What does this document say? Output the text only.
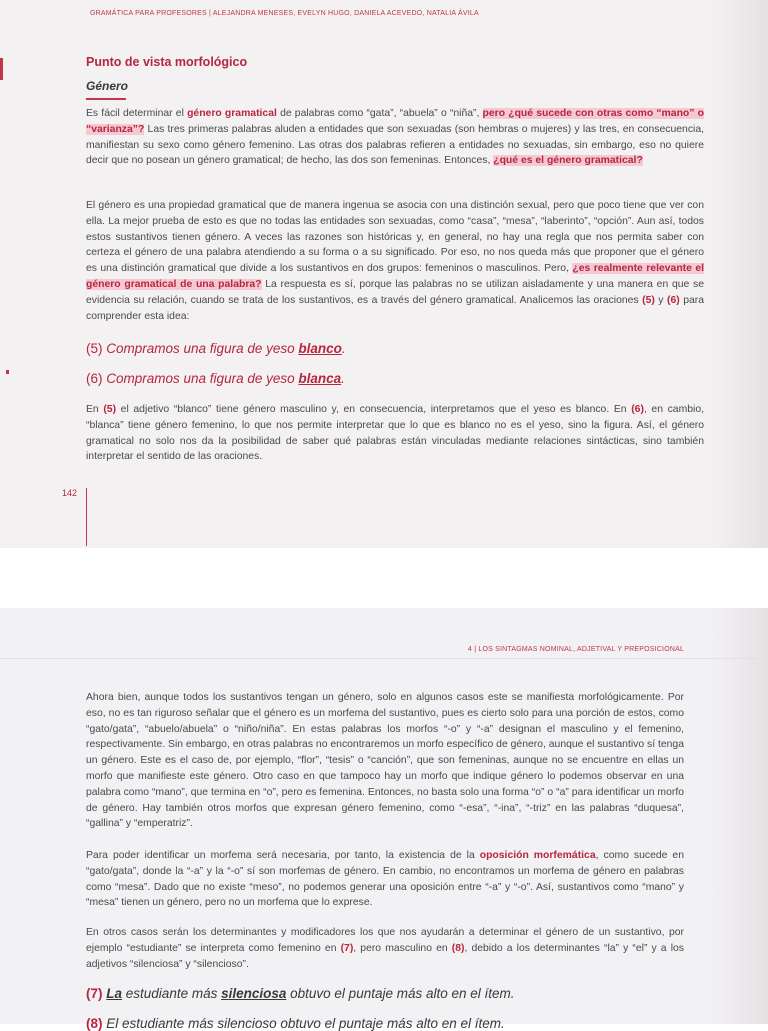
GRAMÁTICA PARA PROFESORES | ALEJANDRA MENESES, EVELYN HUGO, DANIELA ACEVEDO, NATALIA ÁVILA
Punto de vista morfológico
Género
Es fácil determinar el género gramatical de palabras como “gata”, “abuela” o “niña”, pero ¿qué sucede con otras como “mano” o “varianza”? Las tres primeras palabras aluden a entidades que son sexuadas (son hembras o mujeres) y las tres, en consecuencia, manifiestan su sexo como género femenino. Las otras dos palabras refieren a entidades no sexuadas, sin embargo, eso no quiere decir que no posean un género gramatical; de hecho, las dos son femeninas. Entonces, ¿qué es el género gramatical?
El género es una propiedad gramatical que de manera ingenua se asocia con una distinción sexual, pero que poco tiene que ver con ella. La mejor prueba de esto es que no todas las entidades son sexuadas, como “casa”, “mesa”, “laberinto”, “opción”. Aun así, todos estos sustantivos tienen género. A veces las razones son históricas y, en general, no hay una regla que nos permita saber con certeza el género de una palabra atendiendo a su forma o a su significado. Por eso, no nos queda más que proponer que el género es una distinción gramatical que divide a los sustantivos en dos grupos: femeninos o masculinos. Pero, ¿es realmente relevante el género gramatical de una palabra? La respuesta es sí, porque las palabras no se utilizan aisladamente y una manera en que se evidencia su relación, cuando se trata de los sustantivos, es a través del género gramatical. Analicemos las oraciones (5) y (6) para comprender esta idea:
(5) Compramos una figura de yeso blanco.
(6) Compramos una figura de yeso blanca.
En (5) el adjetivo “blanco” tiene género masculino y, en consecuencia, interpretamos que el yeso es blanco. En (6), en cambio, “blanca” tiene género femenino, lo que nos permite interpretar que lo que es blanco no es el yeso, sino la figura. Así, el género gramatical no solo nos da la posibilidad de saber qué palabras están vinculadas mediante relaciones sintácticas, sino también interpretar el sentido de las oraciones.
142
4 | LOS SINTAGMAS NOMINAL, ADJETIVAL Y PREPOSICIONAL
Ahora bien, aunque todos los sustantivos tengan un género, solo en algunos casos este se manifiesta morfológicamente. Por eso, no es tan riguroso señalar que el género es un morfema del sustantivo, pues es cierto solo para una porción de estos, como “gato/gata”, “abuelo/abuela” o “niño/niña”. En estas palabras los morfos “-o” y “-a” designan el masculino y el femenino, respectivamente. Sin embargo, en otras palabras no encontraremos un morfo específico de género, aunque el sustantivo sí tenga un género. Este es el caso de, por ejemplo, “flor”, “tesis” o “canción”, que son femeninas, aunque no se encuentre en ellas un morfo que manifieste este género. Otro caso en que tampoco hay un morfo que indique género lo podemos observar en una palabra como “mano”, que termina en “o”, pero es femenina. Entonces, no basta solo una forma “o” o “a” para identificar un morfo de género. Hay también otros morfos que expresan género femenino, como “-esa”, “-ina”, “-triz” en las palabras “duquesa”, “gallina” y “emperatriz”.
Para poder identificar un morfema será necesaria, por tanto, la existencia de la oposición morfemática, como sucede en “gato/gata”, donde la “-a” y la “-o” sí son morfemas de género. En cambio, no encontramos un morfema de género en palabras como “mesa”. Dado que no existe “meso”, no podemos generar una oposición entre “-a” y “-o”. Así, sustantivos como “mano” y “mesa” tienen un género, pero no un morfema que lo exprese.
En otros casos serán los determinantes y modificadores los que nos ayudarán a determinar el género de un sustantivo, por ejemplo “estudiante” se interpreta como femenino en (7), pero masculino en (8), debido a los determinantes “la” y “el” y a los adjetivos “silenciosa” y “silencioso”.
(7) La estudiante más silenciosa obtuvo el puntaje más alto en el ítem.
(8) El estudiante más silencioso obtuvo el puntaje más alto en el ítem.
